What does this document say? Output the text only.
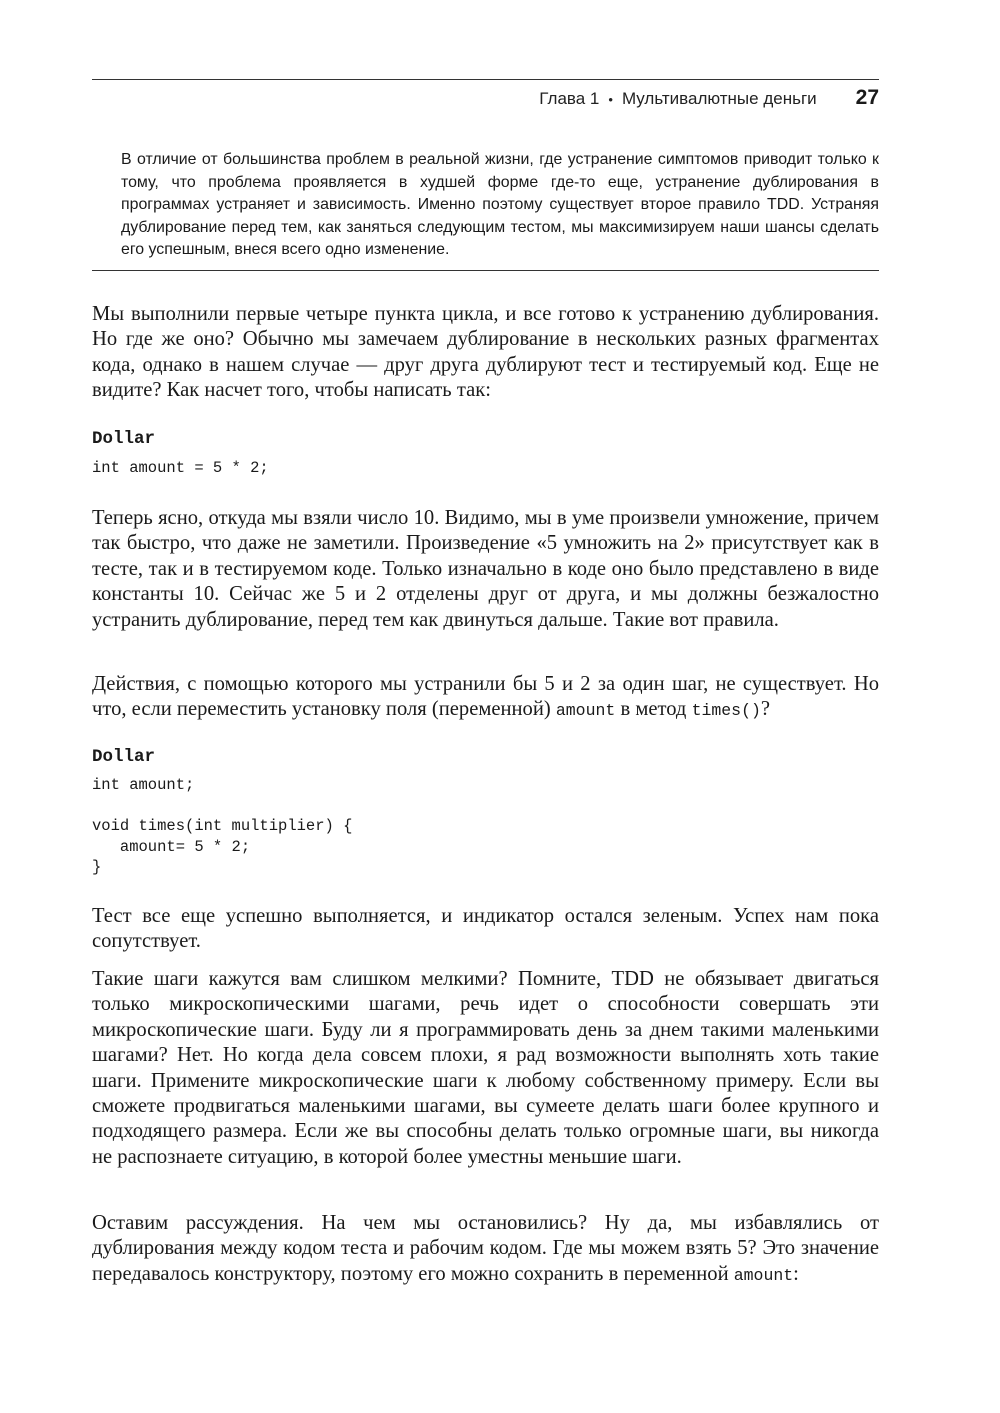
Глава 1 • Мультивалютные деньги 27

В отличие от большинства проблем в реальной жизни, где устранение симптомов приводит только к тому, что проблема проявляется в худшей форме где-то еще, устранение дублирования в программах устраняет и зависимость. Именно поэтому существует второе правило TDD. Устраняя дублирование перед тем, как заняться следующим тестом, мы максимизируем наши шансы сделать его успешным, внеся всего одно изменение.

Мы выполнили первые четыре пункта цикла, и все готово к устранению дублирования. Но где же оно? Обычно мы замечаем дублирование в нескольких разных фрагментах кода, однако в нашем случае — друг друга дублируют тест и тестируемый код. Еще не видите? Как насчет того, чтобы написать так:

Dollar
int amount = 5 * 2;

Теперь ясно, откуда мы взяли число 10. Видимо, мы в уме произвели умножение, причем так быстро, что даже не заметили. Произведение «5 умножить на 2» присутствует как в тесте, так и в тестируемом коде. Только изначально в коде оно было представлено в виде константы 10. Сейчас же 5 и 2 отделены друг от друга, и мы должны безжалостно устранить дублирование, перед тем как двинуться дальше. Такие вот правила.

Действия, с помощью которого мы устранили бы 5 и 2 за один шаг, не существует. Но что, если переместить установку поля (переменной) amount в метод times()?

Dollar
int amount;

void times(int multiplier) {
amount= 5 * 2;
}

Тест все еще успешно выполняется, и индикатор остался зеленым. Успех нам пока сопутствует.

Такие шаги кажутся вам слишком мелкими? Помните, TDD не обязывает двигаться только микроскопическими шагами, речь идет о способности совершать эти микроскопические шаги. Буду ли я программировать день за днем такими маленькими шагами? Нет. Но когда дела совсем плохи, я рад возможности выполнять хоть такие шаги. Примените микроскопические шаги к любому собственному примеру. Если вы сможете продвигаться маленькими шагами, вы сумеете делать шаги более крупного и подходящего размера. Если же вы способны делать только огромные шаги, вы никогда не распознаете ситуацию, в которой более уместны меньшие шаги.

Оставим рассуждения. На чем мы остановились? Ну да, мы избавлялись от дублирования между кодом теста и рабочим кодом. Где мы можем взять 5? Это значение передавалось конструктору, поэтому его можно сохранить в переменной amount:
